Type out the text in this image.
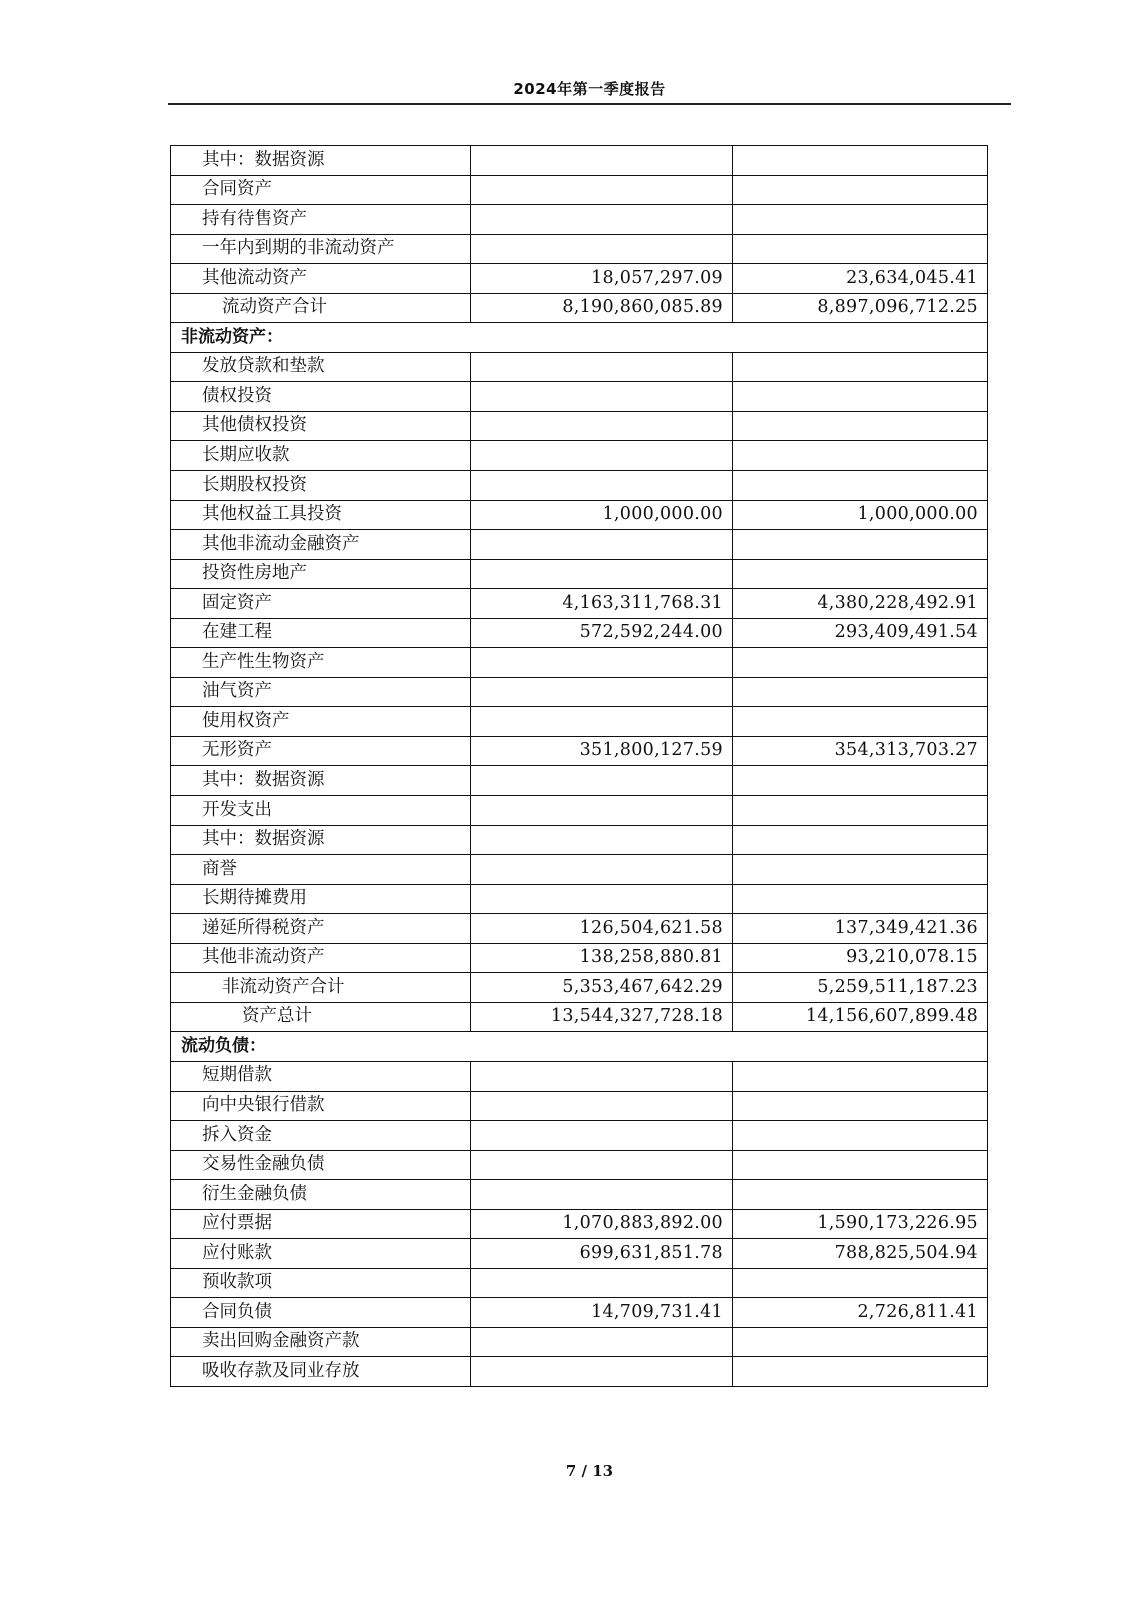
2024年第一季度报告
其中：数据资源		
合同资产		
持有待售资产		
一年内到期的非流动资产		
其他流动资产	18,057,297.09	23,634,045.41
流动资产合计	8,190,860,085.89	8,897,096,712.25
非流动资产：		
发放贷款和垫款		
债权投资		
其他债权投资		
长期应收款		
长期股权投资		
其他权益工具投资	1,000,000.00	1,000,000.00
其他非流动金融资产		
投资性房地产		
固定资产	4,163,311,768.31	4,380,228,492.91
在建工程	572,592,244.00	293,409,491.54
生产性生物资产		
油气资产		
使用权资产		
无形资产	351,800,127.59	354,313,703.27
其中：数据资源		
开发支出		
其中：数据资源		
商誉		
长期待摊费用		
递延所得税资产	126,504,621.58	137,349,421.36
其他非流动资产	138,258,880.81	93,210,078.15
非流动资产合计	5,353,467,642.29	5,259,511,187.23
资产总计	13,544,327,728.18	14,156,607,899.48
流动负债：		
短期借款		
向中央银行借款		
拆入资金		
交易性金融负债		
衍生金融负债		
应付票据	1,070,883,892.00	1,590,173,226.95
应付账款	699,631,851.78	788,825,504.94
预收款项		
合同负债	14,709,731.41	2,726,811.41
卖出回购金融资产款		
吸收存款及同业存放		
7 / 13
